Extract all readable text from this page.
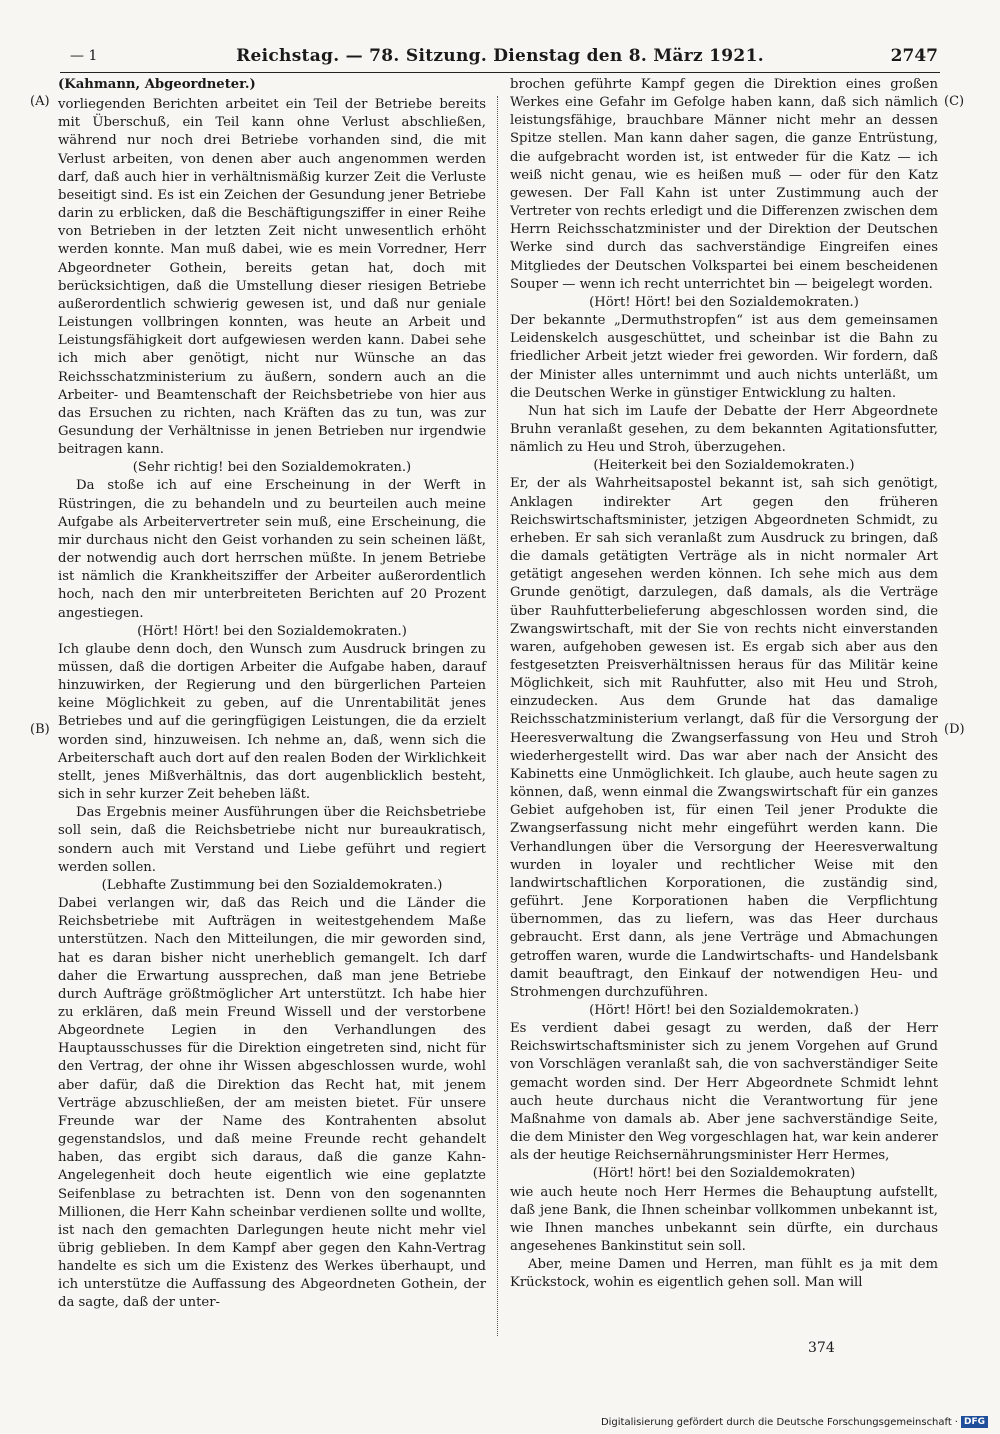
— 1	Reichstag. — 78. Sitzung. Dienstag den 8. März 1921.	2747
(A)
(B)
(C)
(D)

(Kahmann, Abgeordneter.)

vorliegenden Berichten arbeitet ein Teil der Betriebe bereits mit Überschuß, ein Teil kann ohne Verlust abschließen, während nur noch drei Betriebe vorhanden sind, die mit Verlust arbeiten, von denen aber auch angenommen werden darf, daß auch hier in verhältnismäßig kurzer Zeit die Verluste beseitigt sind. Es ist ein Zeichen der Gesundung jener Betriebe darin zu erblicken, daß die Beschäftigungsziffer in einer Reihe von Betrieben in der letzten Zeit nicht unwesentlich erhöht werden konnte. Man muß dabei, wie es mein Vorredner, Herr Abgeordneter Gothein, bereits getan hat, doch mit berücksichtigen, daß die Umstellung dieser riesigen Betriebe außerordentlich schwierig gewesen ist, und daß nur geniale Leistungen vollbringen konnten, was heute an Arbeit und Leistungsfähigkeit dort aufgewiesen werden kann. Dabei sehe ich mich aber genötigt, nicht nur Wünsche an das Reichsschatzministerium zu äußern, sondern auch an die Arbeiter- und Beamtenschaft der Reichsbetriebe von hier aus das Ersuchen zu richten, nach Kräften das zu tun, was zur Gesundung der Verhältnisse in jenen Betrieben nur irgendwie beitragen kann.

(Sehr richtig! bei den Sozialdemokraten.)

Da stoße ich auf eine Erscheinung in der Werft in Rüstringen, die zu behandeln und zu beurteilen auch meine Aufgabe als Arbeitervertreter sein muß, eine Erscheinung, die mir durchaus nicht den Geist vorhanden zu sein scheinen läßt, der notwendig auch dort herrschen müßte. In jenem Betriebe ist nämlich die Krankheitsziffer der Arbeiter außerordentlich hoch, nach den mir unterbreiteten Berichten auf 20 Prozent angestiegen.

(Hört! Hört! bei den Sozialdemokraten.)

Ich glaube denn doch, den Wunsch zum Ausdruck bringen zu müssen, daß die dortigen Arbeiter die Aufgabe haben, darauf hinzuwirken, der Regierung und den bürgerlichen Parteien keine Möglichkeit zu geben, auf die Unrentabilität jenes Betriebes und auf die geringfügigen Leistungen, die da erzielt worden sind, hinzuweisen. Ich nehme an, daß, wenn sich die Arbeiterschaft auch dort auf den realen Boden der Wirklichkeit stellt, jenes Mißverhältnis, das dort augenblicklich besteht, sich in sehr kurzer Zeit beheben läßt.

Das Ergebnis meiner Ausführungen über die Reichsbetriebe soll sein, daß die Reichsbetriebe nicht nur bureaukratisch, sondern auch mit Verstand und Liebe geführt und regiert werden sollen.

(Lebhafte Zustimmung bei den Sozialdemokraten.)

Dabei verlangen wir, daß das Reich und die Länder die Reichsbetriebe mit Aufträgen in weitestgehendem Maße unterstützen. Nach den Mitteilungen, die mir geworden sind, hat es daran bisher nicht unerheblich gemangelt. Ich darf daher die Erwartung aussprechen, daß man jene Betriebe durch Aufträge größtmöglicher Art unterstützt. Ich habe hier zu erklären, daß mein Freund Wissell und der verstorbene Abgeordnete Legien in den Verhandlungen des Hauptausschusses für die Direktion eingetreten sind, nicht für den Vertrag, der ohne ihr Wissen abgeschlossen wurde, wohl aber dafür, daß die Direktion das Recht hat, mit jenem Verträge abzuschließen, der am meisten bietet. Für unsere Freunde war der Name des Kontrahenten absolut gegenstandslos, und daß meine Freunde recht gehandelt haben, das ergibt sich daraus, daß die ganze Kahn-Angelegenheit doch heute eigentlich wie eine geplatzte Seifenblase zu betrachten ist. Denn von den sogenannten Millionen, die Herr Kahn scheinbar verdienen sollte und wollte, ist nach den gemachten Darlegungen heute nicht mehr viel übrig geblieben. In dem Kampf aber gegen den Kahn-Vertrag handelte es sich um die Existenz des Werkes überhaupt, und ich unterstütze die Auffassung des Abgeordneten Gothein, der da sagte, daß der unter-

brochen geführte Kampf gegen die Direktion eines großen Werkes eine Gefahr im Gefolge haben kann, daß sich nämlich leistungsfähige, brauchbare Männer nicht mehr an dessen Spitze stellen. Man kann daher sagen, die ganze Entrüstung, die aufgebracht worden ist, ist entweder für die Katz — ich weiß nicht genau, wie es heißen muß — oder für den Katz gewesen. Der Fall Kahn ist unter Zustimmung auch der Vertreter von rechts erledigt und die Differenzen zwischen dem Herrn Reichsschatzminister und der Direktion der Deutschen Werke sind durch das sachverständige Eingreifen eines Mitgliedes der Deutschen Volkspartei bei einem bescheidenen Souper — wenn ich recht unterrichtet bin — beigelegt worden.

(Hört! Hört! bei den Sozialdemokraten.)

Der bekannte „Dermuthstropfen“ ist aus dem gemeinsamen Leidenskelch ausgeschüttet, und scheinbar ist die Bahn zu friedlicher Arbeit jetzt wieder frei geworden. Wir fordern, daß der Minister alles unternimmt und auch nichts unterläßt, um die Deutschen Werke in günstiger Entwicklung zu halten.

Nun hat sich im Laufe der Debatte der Herr Abgeordnete Bruhn veranlaßt gesehen, zu dem bekannten Agitationsfutter, nämlich zu Heu und Stroh, überzugehen.

(Heiterkeit bei den Sozialdemokraten.)

Er, der als Wahrheitsapostel bekannt ist, sah sich genötigt, Anklagen indirekter Art gegen den früheren Reichswirtschaftsminister, jetzigen Abgeordneten Schmidt, zu erheben. Er sah sich veranlaßt zum Ausdruck zu bringen, daß die damals getätigten Verträge als in nicht normaler Art getätigt angesehen werden können. Ich sehe mich aus dem Grunde genötigt, darzulegen, daß damals, als die Verträge über Rauhfutterbelieferung abgeschlossen worden sind, die Zwangswirtschaft, mit der Sie von rechts nicht einverstanden waren, aufgehoben gewesen ist. Es ergab sich aber aus den festgesetzten Preisverhältnissen heraus für das Militär keine Möglichkeit, sich mit Rauhfutter, also mit Heu und Stroh, einzudecken. Aus dem Grunde hat das damalige Reichsschatzministerium verlangt, daß für die Versorgung der Heeresverwaltung die Zwangserfassung von Heu und Stroh wiederhergestellt wird. Das war aber nach der Ansicht des Kabinetts eine Unmöglichkeit. Ich glaube, auch heute sagen zu können, daß, wenn einmal die Zwangswirtschaft für ein ganzes Gebiet aufgehoben ist, für einen Teil jener Produkte die Zwangserfassung nicht mehr eingeführt werden kann. Die Verhandlungen über die Versorgung der Heeresverwaltung wurden in loyaler und rechtlicher Weise mit den landwirtschaftlichen Korporationen, die zuständig sind, geführt. Jene Korporationen haben die Verpflichtung übernommen, das zu liefern, was das Heer durchaus gebraucht. Erst dann, als jene Verträge und Abmachungen getroffen waren, wurde die Landwirtschafts- und Handelsbank damit beauftragt, den Einkauf der notwendigen Heu- und Strohmengen durchzuführen.

(Hört! Hört! bei den Sozialdemokraten.)

Es verdient dabei gesagt zu werden, daß der Herr Reichswirtschaftsminister sich zu jenem Vorgehen auf Grund von Vorschlägen veranlaßt sah, die von sachverständiger Seite gemacht worden sind. Der Herr Abgeordnete Schmidt lehnt auch heute durchaus nicht die Verantwortung für jene Maßnahme von damals ab. Aber jene sachverständige Seite, die dem Minister den Weg vorgeschlagen hat, war kein anderer als der heutige Reichsernährungsminister Herr Hermes,

(Hört! hört! bei den Sozialdemokraten)

wie auch heute noch Herr Hermes die Behauptung aufstellt, daß jene Bank, die Ihnen scheinbar vollkommen unbekannt ist, wie Ihnen manches unbekannt sein dürfte, ein durchaus angesehenes Bankinstitut sein soll.

Aber, meine Damen und Herren, man fühlt es ja mit dem Krückstock, wohin es eigentlich gehen soll. Man will

374
Digitalisierung gefördert durch die Deutsche Forschungsgemeinschaft · DFG
